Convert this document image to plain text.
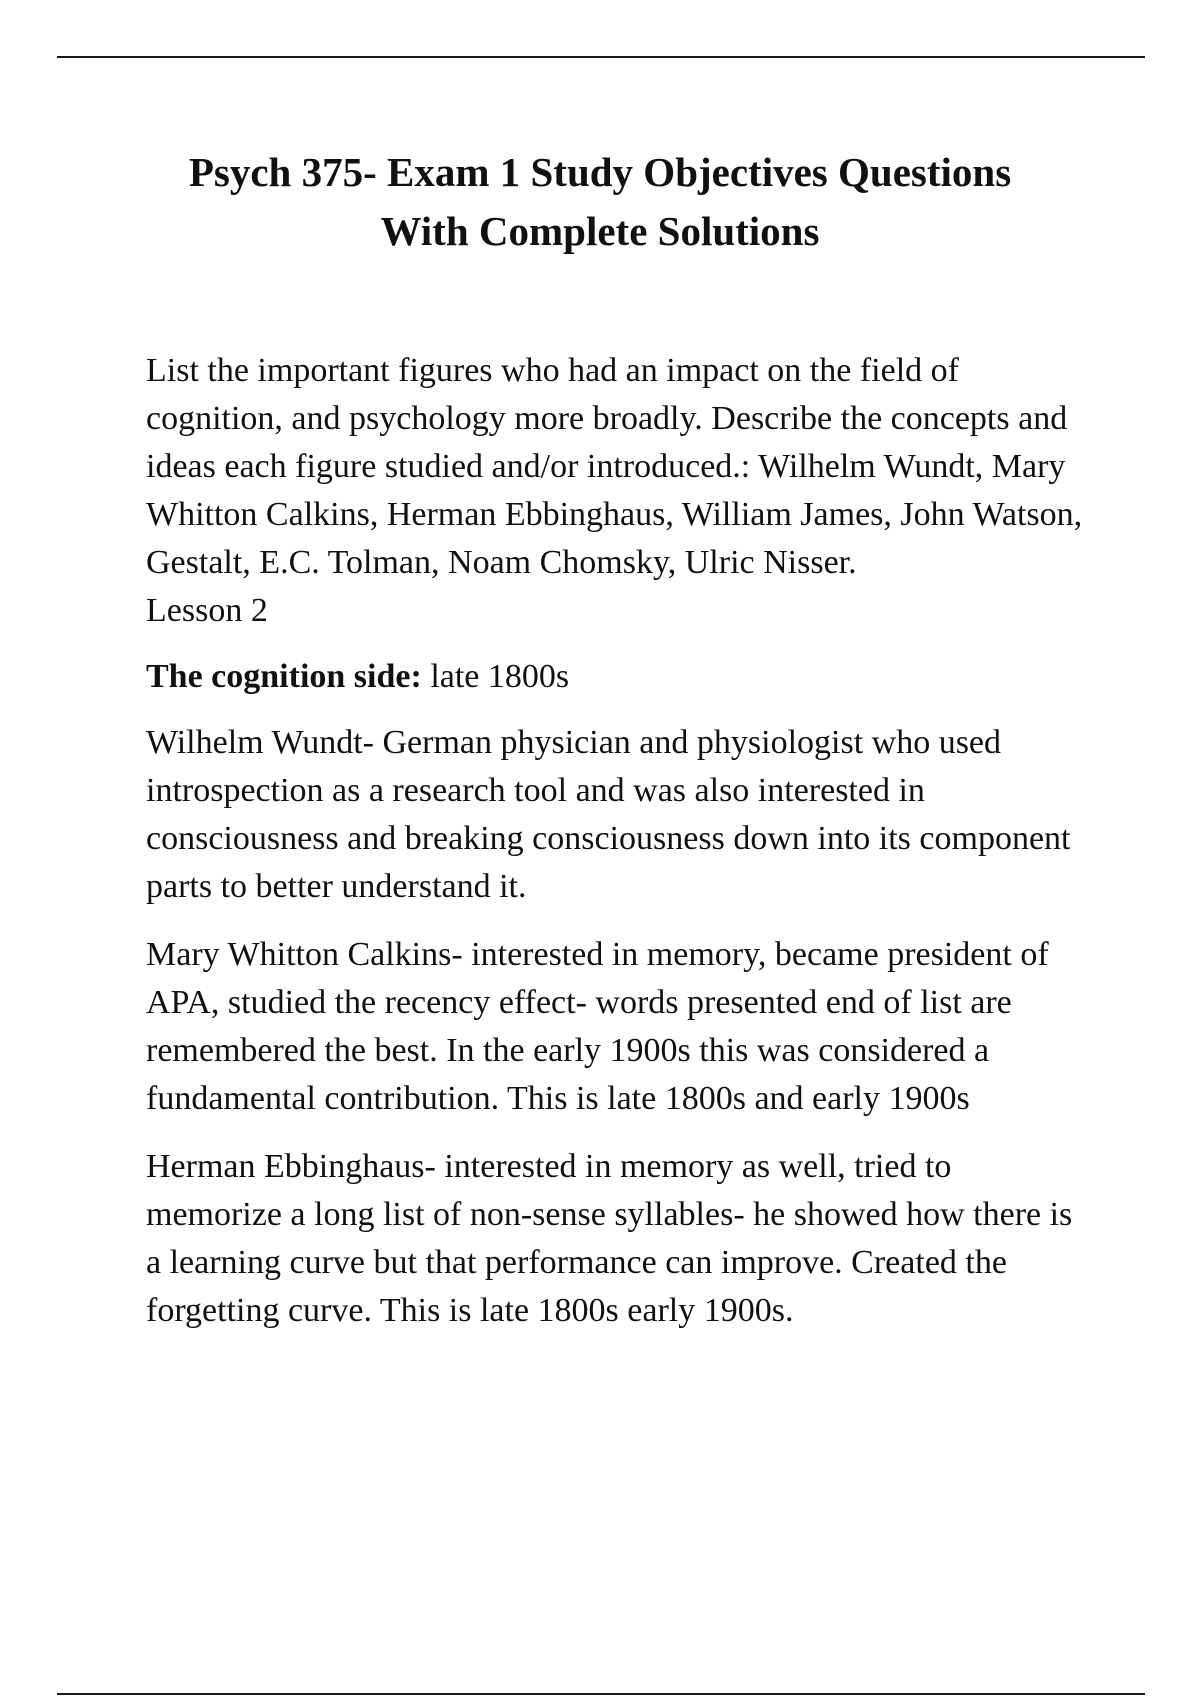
Psych 375- Exam 1 Study Objectives Questions
With Complete Solutions

List the important figures who had an impact on the field of cognition, and psychology more broadly. Describe the concepts and ideas each figure studied and/or introduced.: Wilhelm Wundt, Mary Whitton Calkins, Herman Ebbinghaus, William James, John Watson, Gestalt, E.C. Tolman, Noam Chomsky, Ulric Nisser.

Lesson 2

The cognition side: late 1800s

Wilhelm Wundt- German physician and physiologist who used introspection as a research tool and was also interested in consciousness and breaking consciousness down into its component parts to better understand it.

Mary Whitton Calkins- interested in memory, became president of APA, studied the recency effect- words presented end of list are remembered the best. In the early 1900s this was considered a fundamental contribution. This is late 1800s and early 1900s

Herman Ebbinghaus- interested in memory as well, tried to memorize a long list of non-sense syllables- he showed how there is a learning curve but that performance can improve. Created the forgetting curve. This is late 1800s early 1900s.
